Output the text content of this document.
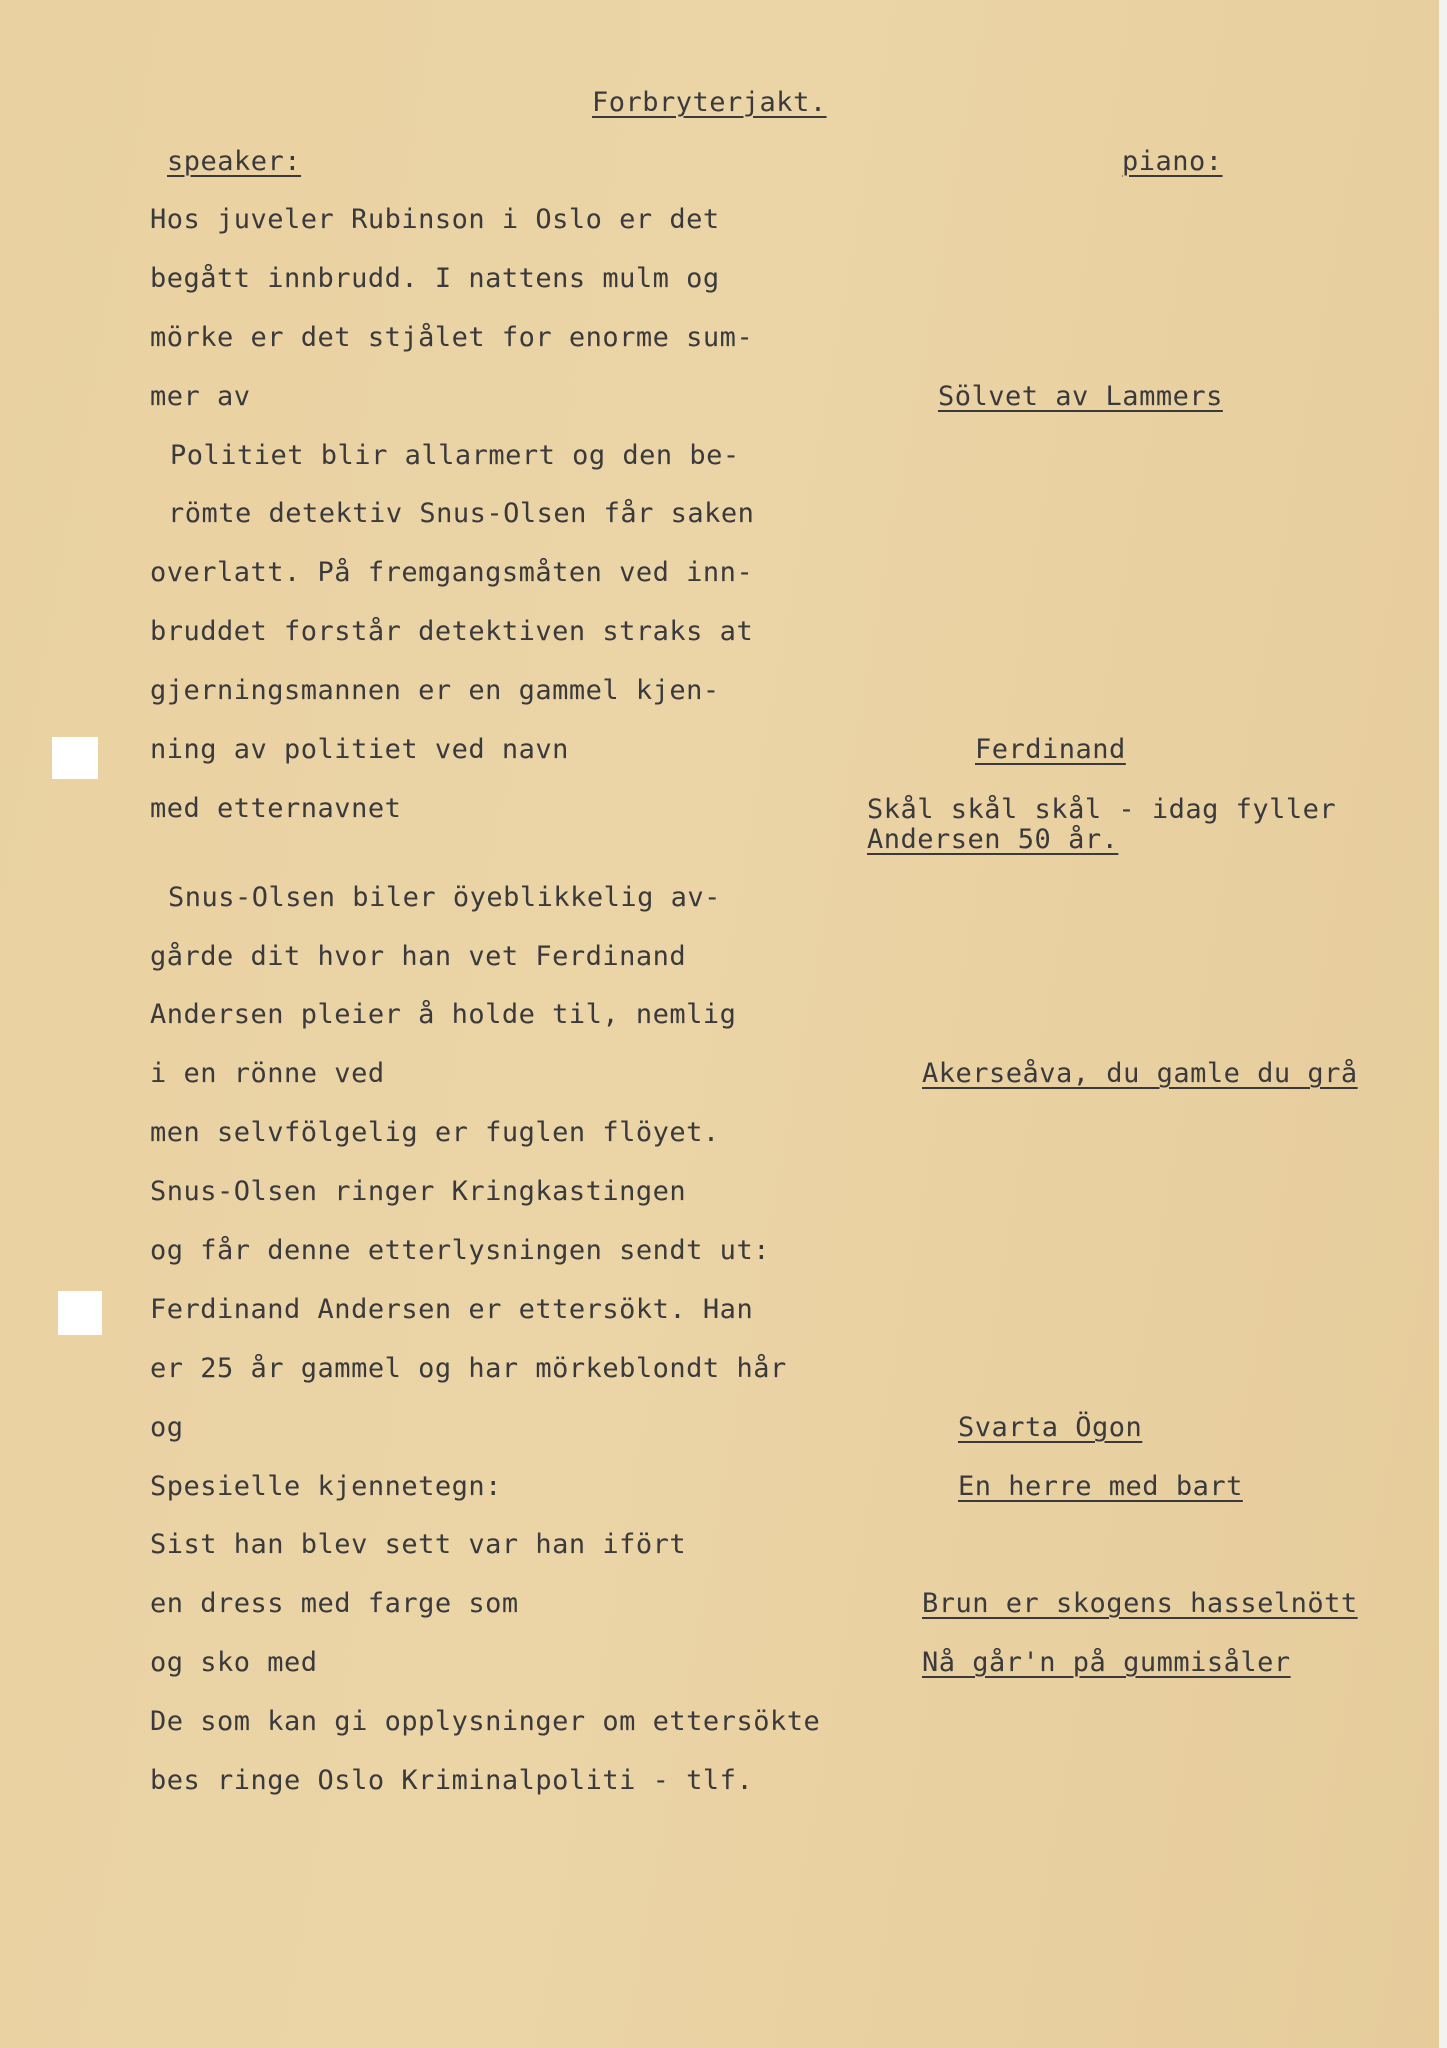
Forbryterjakt.
speaker:	piano:
Hos juveler Rubinson i Oslo er det
begått innbrudd. I nattens mulm og
mörke er det stjålet for enorme sum-
mer av
Politiet blir allarmert og den be-
römte detektiv Snus-Olsen får saken
overlatt. På fremgangsmåten ved inn-
bruddet forstår detektiven straks at
gjerningsmannen er en gammel kjen-
ning av politiet ved navn
med etternavnet
Snus-Olsen biler öyeblikkelig av-
gårde dit hvor han vet Ferdinand
Andersen pleier å holde til, nemlig
i en rönne ved
men selvfölgelig er fuglen flöyet.
Snus-Olsen ringer Kringkastingen
og får denne etterlysningen sendt ut:
Ferdinand Andersen er ettersökt. Han
er 25 år gammel og har mörkeblondt hår
og
Spesielle kjennetegn:
Sist han blev sett var han ifört
en dress med farge som
og sko med
De som kan gi opplysninger om ettersökte
bes ringe Oslo Kriminalpoliti - tlf.
Sölvet av Lammers
Ferdinand
Skål skål skål - idag fyller
Andersen 50 år.
Akerseåva, du gamle du grå
Svarta Ögon
En herre med bart
Brun er skogens hasselnött
Nå går'n på gummisåler
